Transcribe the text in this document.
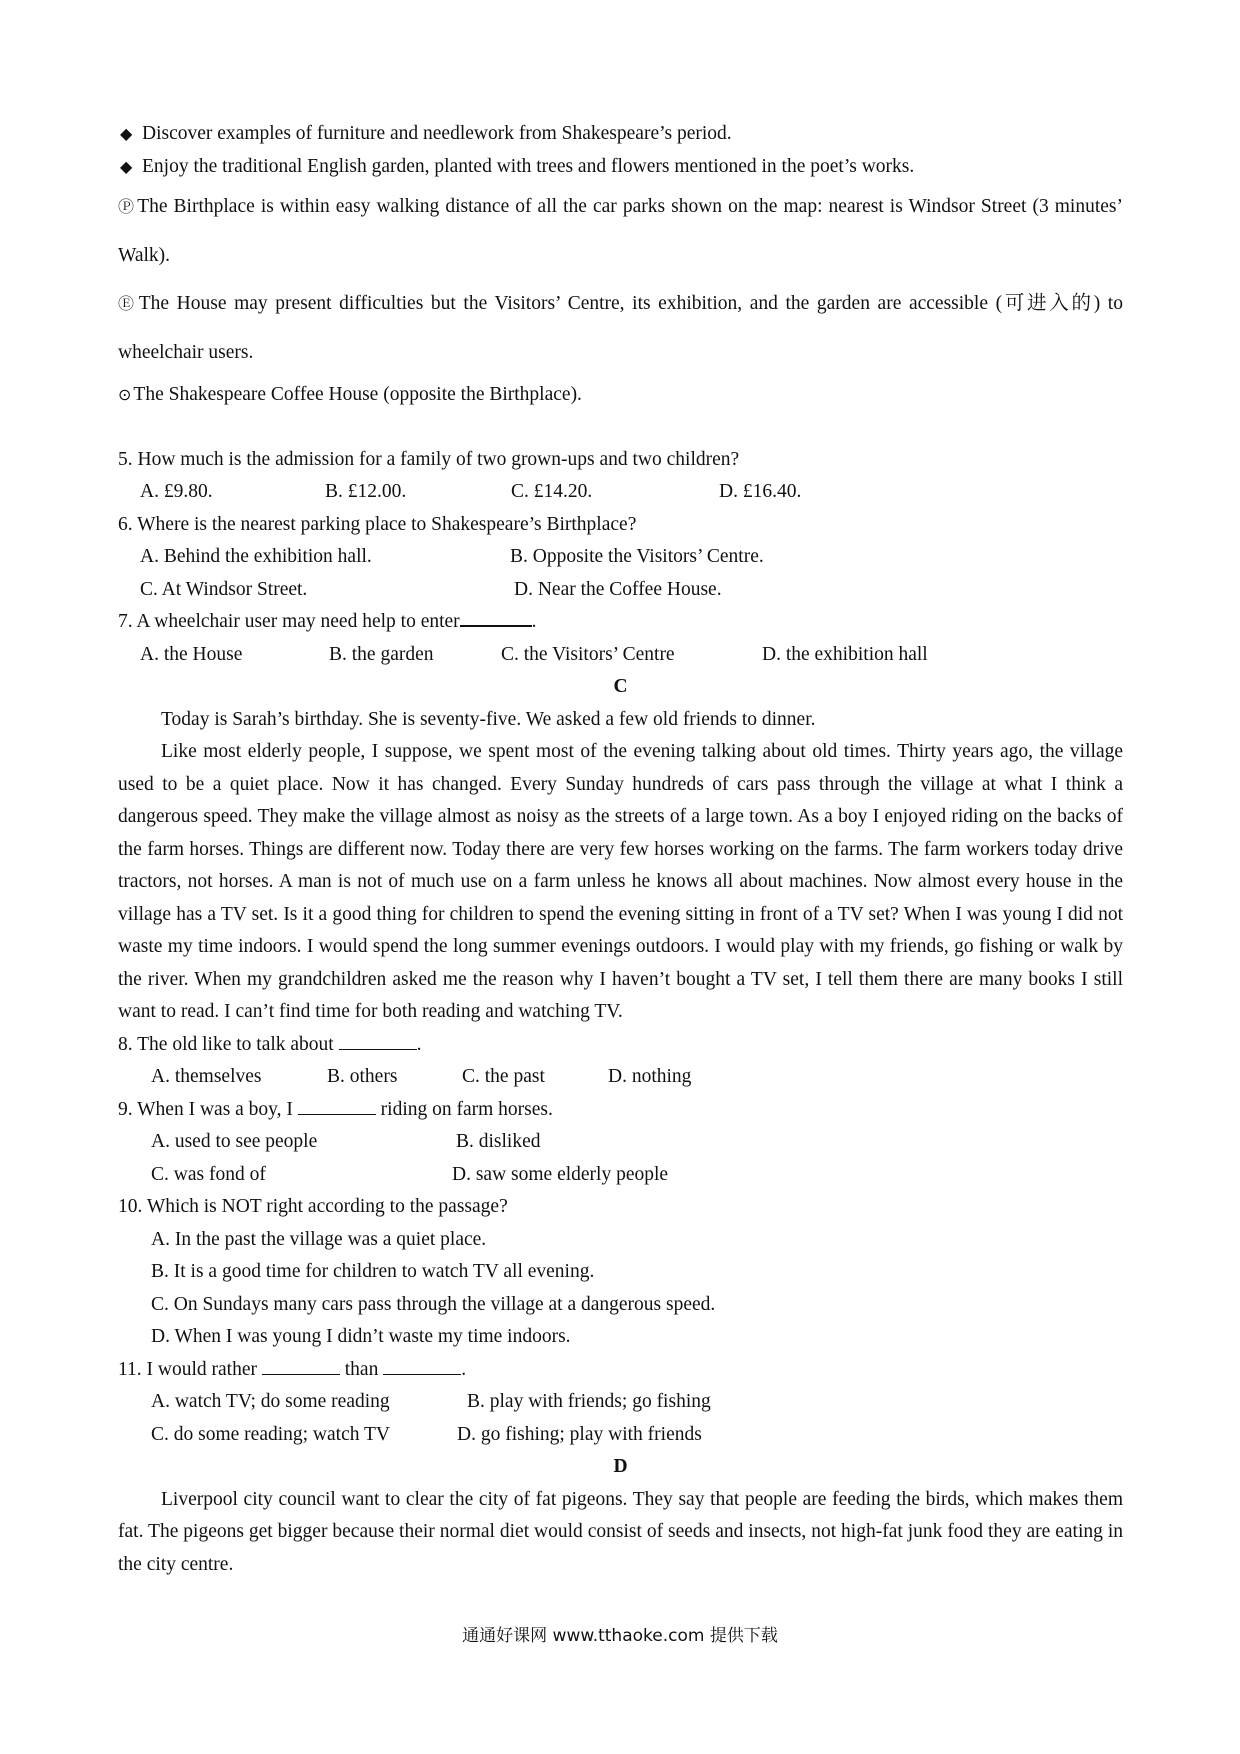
◆ Discover examples of furniture and needlework from Shakespeare’s period.

◆ Enjoy the traditional English garden, planted with trees and flowers mentioned in the poet’s works.

Ⓟ The Birthplace is within easy walking distance of all the car parks shown on the map: nearest is Windsor Street (3 minutes’ Walk).

Ⓔ The House may present difficulties but the Visitors’ Centre, its exhibition, and the garden are accessible (可进入的) to wheelchair users.

⊙ The Shakespeare Coffee House (opposite the Birthplace).

5. How much is the admission for a family of two grown-ups and two children?

A. £9.80.	B. £12.00.	C. £14.20.	D. £16.40.

6. Where is the nearest parking place to Shakespeare’s Birthplace?

A. Behind the exhibition hall.	B. Opposite the Visitors’ Centre.
C. At Windsor Street.	D. Near the Coffee House.

7. A wheelchair user may need help to enter	.

A. the House	B. the garden	C. the Visitors’ Centre	D. the exhibition hall

C

Today is Sarah’s birthday. She is seventy-five. We asked a few old friends to dinner.

Like most elderly people, I suppose, we spent most of the evening talking about old times. Thirty years ago, the village used to be a quiet place. Now it has changed. Every Sunday hundreds of cars pass through the village at what I think a dangerous speed. They make the village almost as noisy as the streets of a large town. As a boy I enjoyed riding on the backs of the farm horses. Things are different now. Today there are very few horses working on the farms. The farm workers today drive tractors, not horses. A man is not of much use on a farm unless he knows all about machines. Now almost every house in the village has a TV set. Is it a good thing for children to spend the evening sitting in front of a TV set? When I was young I did not waste my time indoors. I would spend the long summer evenings outdoors. I would play with my friends, go fishing or walk by the river. When my grandchildren asked me the reason why I haven’t bought a TV set, I tell them there are many books I still want to read. I can’t find time for both reading and watching TV.

8. The old like to talk about	.

A. themselves	B. others	C. the past	D. nothing

9. When I was a boy, I	riding on farm horses.

A. used to see people	B. disliked
C. was fond of	D. saw some elderly people

10. Which is NOT right according to the passage?

A. In the past the village was a quiet place.

B. It is a good time for children to watch TV all evening.

C. On Sundays many cars pass through the village at a dangerous speed.

D. When I was young I didn’t waste my time indoors.

11. I would rather	than	.

A. watch TV; do some reading	B. play with friends; go fishing
C. do some reading; watch TV	D. go fishing; play with friends

D

Liverpool city council want to clear the city of fat pigeons. They say that people are feeding the birds, which makes them fat. The pigeons get bigger because their normal diet would consist of seeds and insects, not high-fat junk food they are eating in the city centre.

通通好课网 www.tthaoke.com 提供下载
